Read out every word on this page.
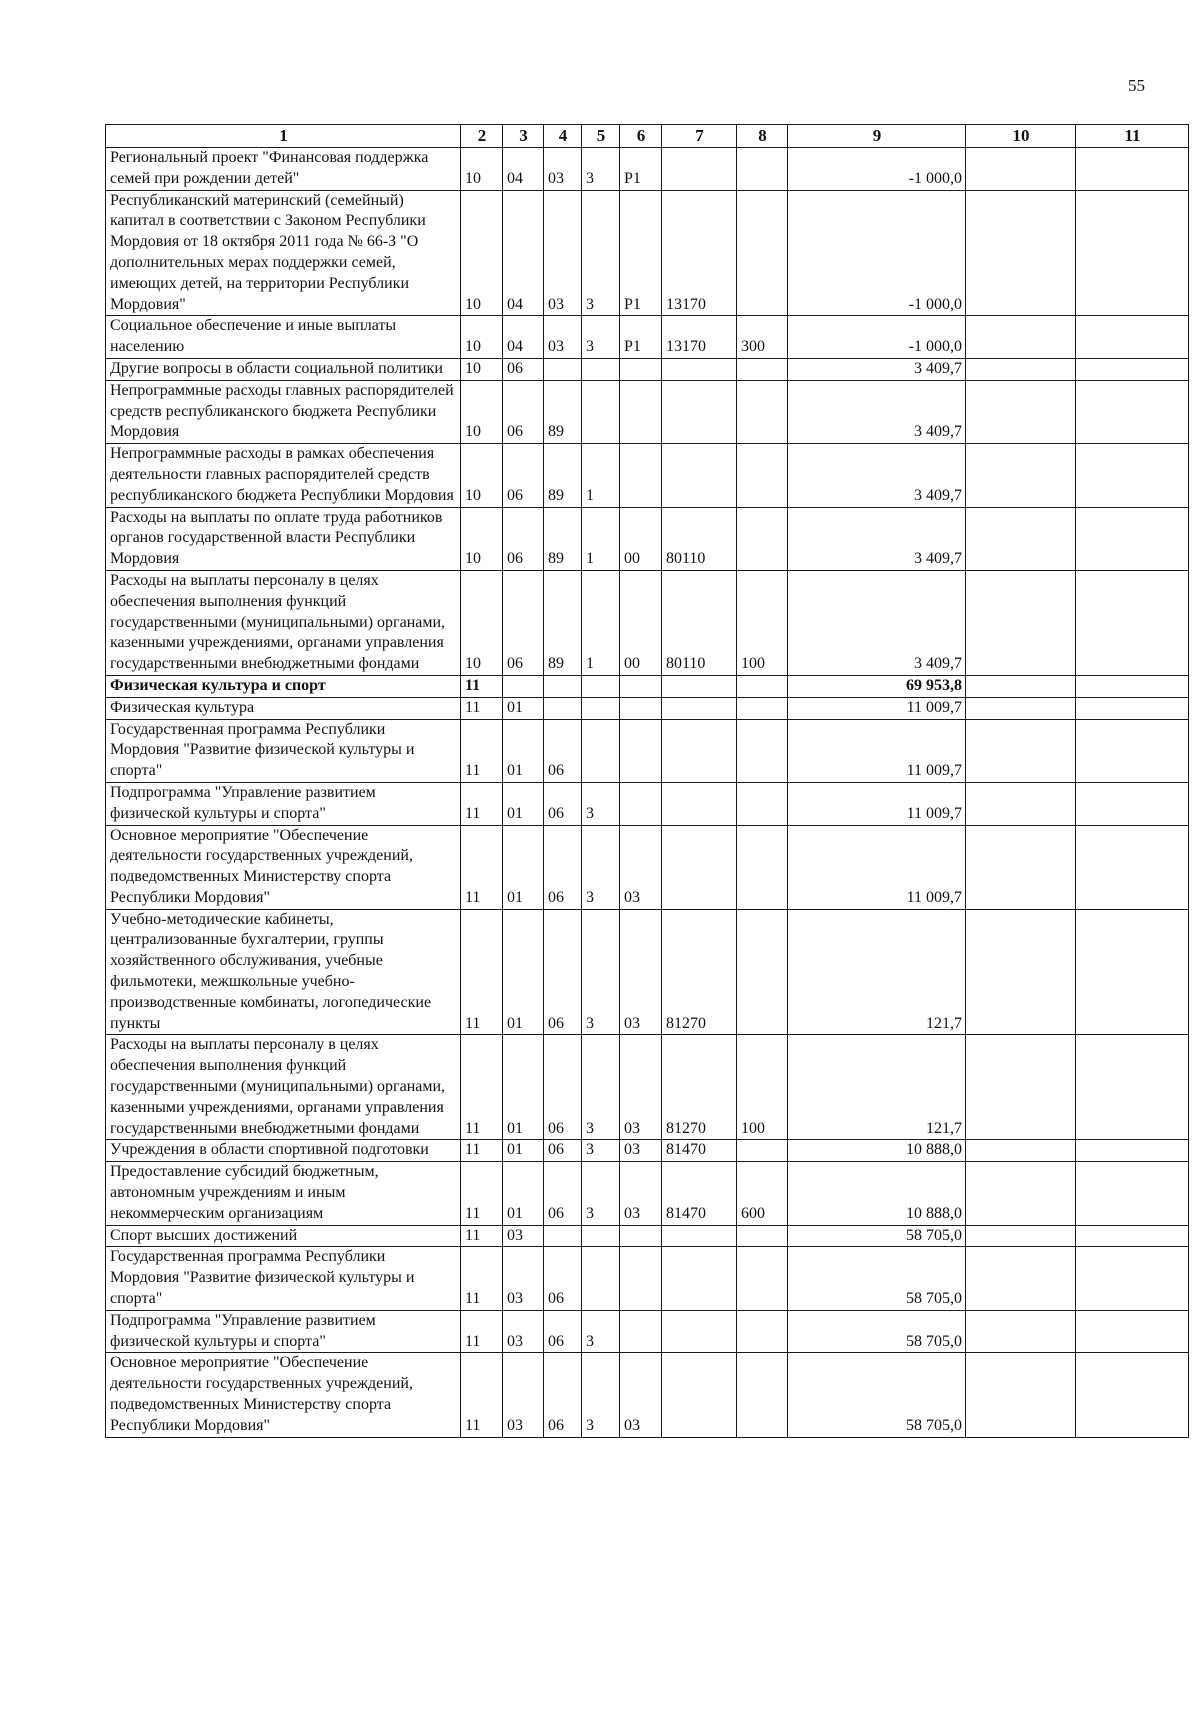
55
1	2	3	4	5	6	7	8	9	10	11
Региональный проект "Финансовая поддержка семей при рождении детей"	10	04	03	3	P1			-1 000,0		
Республиканский материнский (семейный) капитал в соответствии с Законом Республики Мордовия от 18 октября 2011 года № 66-З "О дополнительных мерах поддержки семей, имеющих детей, на территории Республики Мордовия"	10	04	03	3	P1	13170		-1 000,0		
Социальное обеспечение и иные выплаты населению	10	04	03	3	P1	13170	300	-1 000,0		
Другие вопросы в области социальной политики	10	06						3 409,7		
Непрограммные расходы главных распорядителей средств республиканского бюджета Республики Мордовия	10	06	89					3 409,7		
Непрограммные расходы в рамках обеспечения деятельности главных распорядителей средств республиканского бюджета Республики Мордовия	10	06	89	1				3 409,7		
Расходы на выплаты по оплате труда работников органов государственной власти Республики Мордовия	10	06	89	1	00	80110		3 409,7		
Расходы на выплаты персоналу в целях обеспечения выполнения функций государственными (муниципальными) органами, казенными учреждениями, органами управления государственными внебюджетными фондами	10	06	89	1	00	80110	100	3 409,7		
Физическая культура и спорт	11							69 953,8		
Физическая культура	11	01						11 009,7		
Государственная программа Республики Мордовия "Развитие физической культуры и спорта"	11	01	06					11 009,7		
Подпрограмма "Управление развитием физической культуры и спорта"	11	01	06	3				11 009,7		
Основное мероприятие "Обеспечение деятельности государственных учреждений, подведомственных Министерству спорта Республики Мордовия"	11	01	06	3	03			11 009,7		
Учебно-методические кабинеты, централизованные бухгалтерии, группы хозяйственного обслуживания, учебные фильмотеки, межшкольные учебно-производственные комбинаты, логопедические пункты	11	01	06	3	03	81270		121,7		
Расходы на выплаты персоналу в целях обеспечения выполнения функций государственными (муниципальными) органами, казенными учреждениями, органами управления государственными внебюджетными фондами	11	01	06	3	03	81270	100	121,7		
Учреждения в области спортивной подготовки	11	01	06	3	03	81470		10 888,0		
Предоставление субсидий бюджетным, автономным учреждениям и иным некоммерческим организациям	11	01	06	3	03	81470	600	10 888,0		
Спорт высших достижений	11	03						58 705,0		
Государственная программа Республики Мордовия "Развитие физической культуры и спорта"	11	03	06					58 705,0		
Подпрограмма "Управление развитием физической культуры и спорта"	11	03	06	3				58 705,0		
Основное мероприятие "Обеспечение деятельности государственных учреждений, подведомственных Министерству спорта Республики Мордовия"	11	03	06	3	03			58 705,0		
